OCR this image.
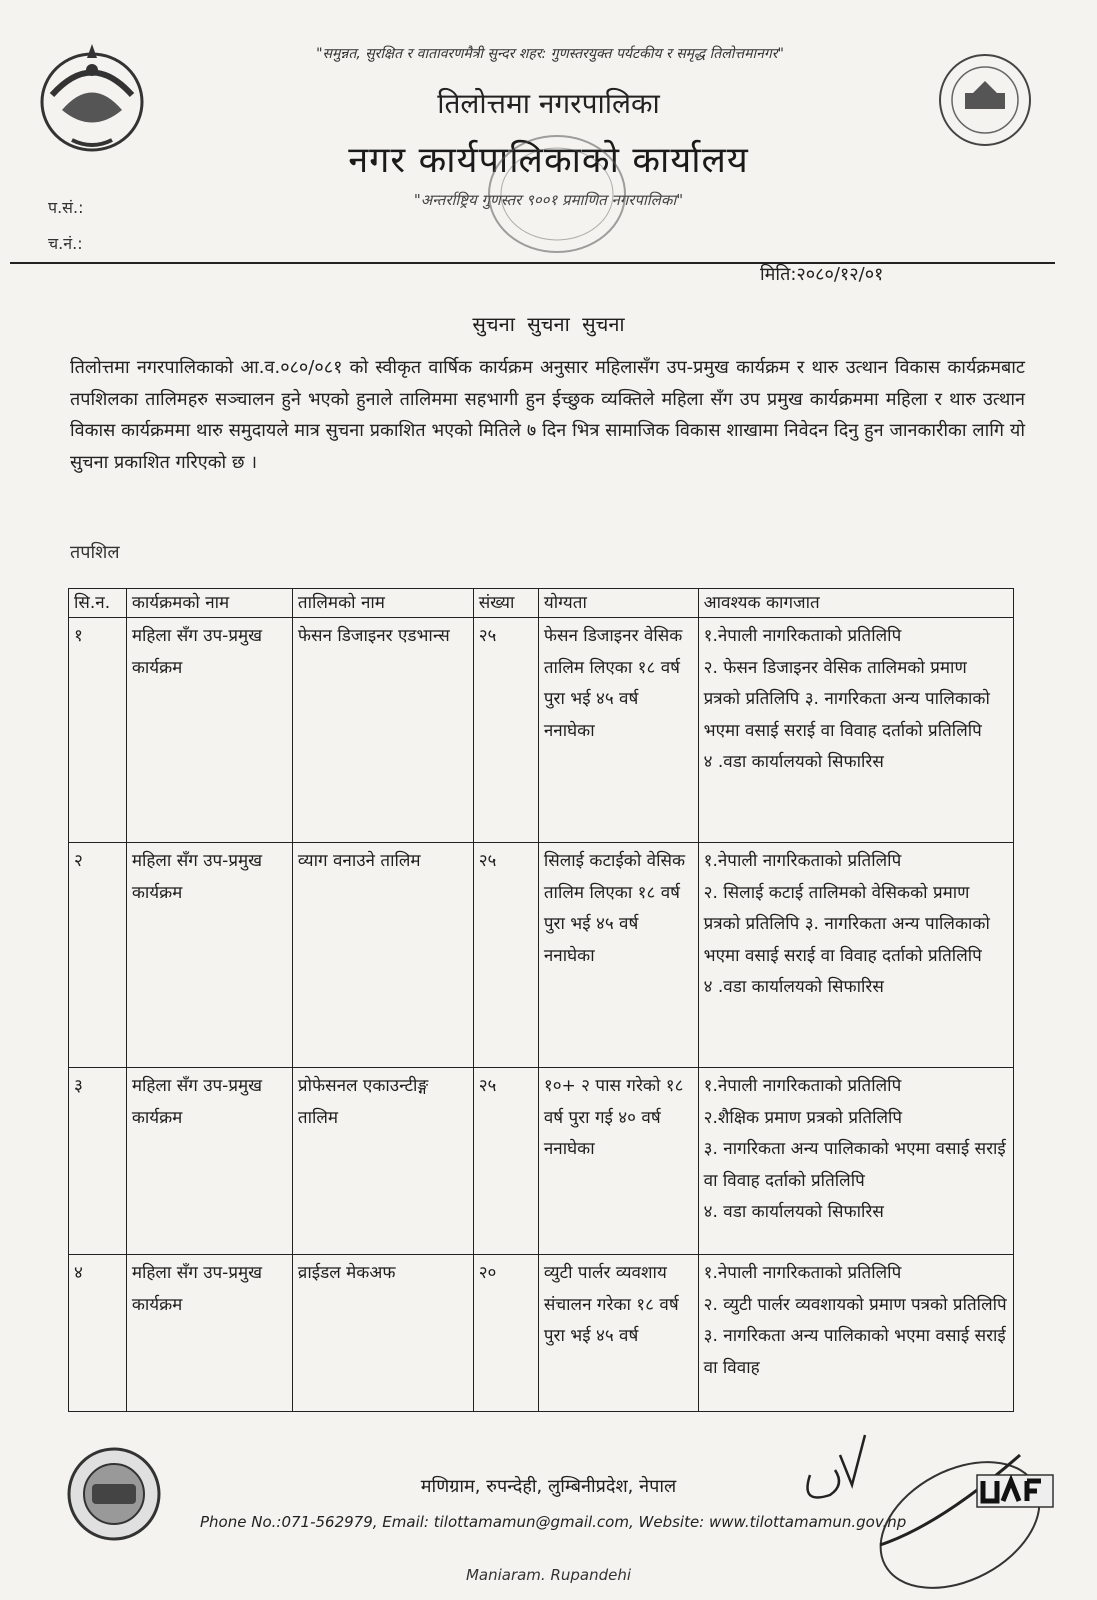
"समुन्नत, सुरक्षित र वातावरणमैत्री सुन्दर शहर: गुणस्तरयुक्त पर्यटकीय र समृद्ध तिलोत्तमानगर"
तिलोत्तमा नगरपालिका
नगर कार्यपालिकाको कार्यालय
"अन्तर्राष्ट्रिय गुणस्तर ९००१ प्रमाणित नगरपालिका"
प.सं.:
च.नं.:
मिति:२०८०/१२/०१
सुचना सुचना सुचना
तिलोत्तमा नगरपालिकाको आ.व.०८०/०८१ को स्वीकृत वार्षिक कार्यक्रम अनुसार महिलासँग उप-प्रमुख कार्यक्रम र थारु उत्थान विकास कार्यक्रमबाट तपशिलका तालिमहरु सञ्चालन हुने भएको हुनाले तालिममा सहभागी हुन ईच्छुक व्यक्तिले महिला सँग उप प्रमुख कार्यक्रममा महिला र थारु उत्थान विकास कार्यक्रममा थारु समुदायले मात्र सुचना प्रकाशित भएको मितिले ७ दिन भित्र सामाजिक विकास शाखामा निवेदन दिनु हुन जानकारीका लागि यो सुचना प्रकाशित गरिएको छ ।
तपशिल
सि.न.	कार्यक्रमको नाम	तालिमको नाम	संख्या	योग्यता	आवश्यक कागजात
१	महिला सँग उप-प्रमुख कार्यक्रम	फेसन डिजाइनर एडभान्स	२५	फेसन डिजाइनर वेसिक तालिम लिएका १८ वर्ष पुरा भई ४५ वर्ष ननाघेका	१.नेपाली नागरिकताको प्रतिलिपि
२. फेसन डिजाइनर वेसिक तालिमको प्रमाण प्रत्रको प्रतिलिपि ३. नागरिकता अन्य पालिकाको भएमा वसाई सराई वा विवाह दर्ताको प्रतिलिपि
४ .वडा कार्यालयको सिफारिस

२	महिला सँग उप-प्रमुख कार्यक्रम	व्याग वनाउने तालिम	२५	सिलाई कटाईको वेसिक तालिम लिएका १८ वर्ष पुरा भई ४५ वर्ष ननाघेका	१.नेपाली नागरिकताको प्रतिलिपि
२. सिलाई कटाई तालिमको वेसिकको प्रमाण प्रत्रको प्रतिलिपि ३. नागरिकता अन्य पालिकाको भएमा वसाई सराई वा विवाह दर्ताको प्रतिलिपि
४ .वडा कार्यालयको सिफारिस

३	महिला सँग उप-प्रमुख कार्यक्रम	प्रोफेसनल एकाउन्टीङ्ग तालिम	२५	१०+ २ पास गरेको १८ वर्ष पुरा गई ४० वर्ष ननाघेका	१.नेपाली नागरिकताको प्रतिलिपि
२.शैक्षिक प्रमाण प्रत्रको प्रतिलिपि
३. नागरिकता अन्य पालिकाको भएमा वसाई सराई वा विवाह दर्ताको प्रतिलिपि
४. वडा कार्यालयको सिफारिस

४	महिला सँग उप-प्रमुख कार्यक्रम	व्राईडल मेकअफ	२०	व्युटी पार्लर व्यवशाय संचालन गरेका १८ वर्ष पुरा भई ४५ वर्ष	१.नेपाली नागरिकताको प्रतिलिपि
२. व्युटी पार्लर व्यवशायको प्रमाण पत्रको प्रतिलिपि ३. नागरिकता अन्य पालिकाको भएमा वसाई सराई वा विवाह
मणिग्राम, रुपन्देही, लुम्बिनीप्रदेश, नेपाल
Phone No.:071-562979, Email: tilottamamun@gmail.com, Website: www.tilottamamun.gov.np
Maniaram. Rupandehi
